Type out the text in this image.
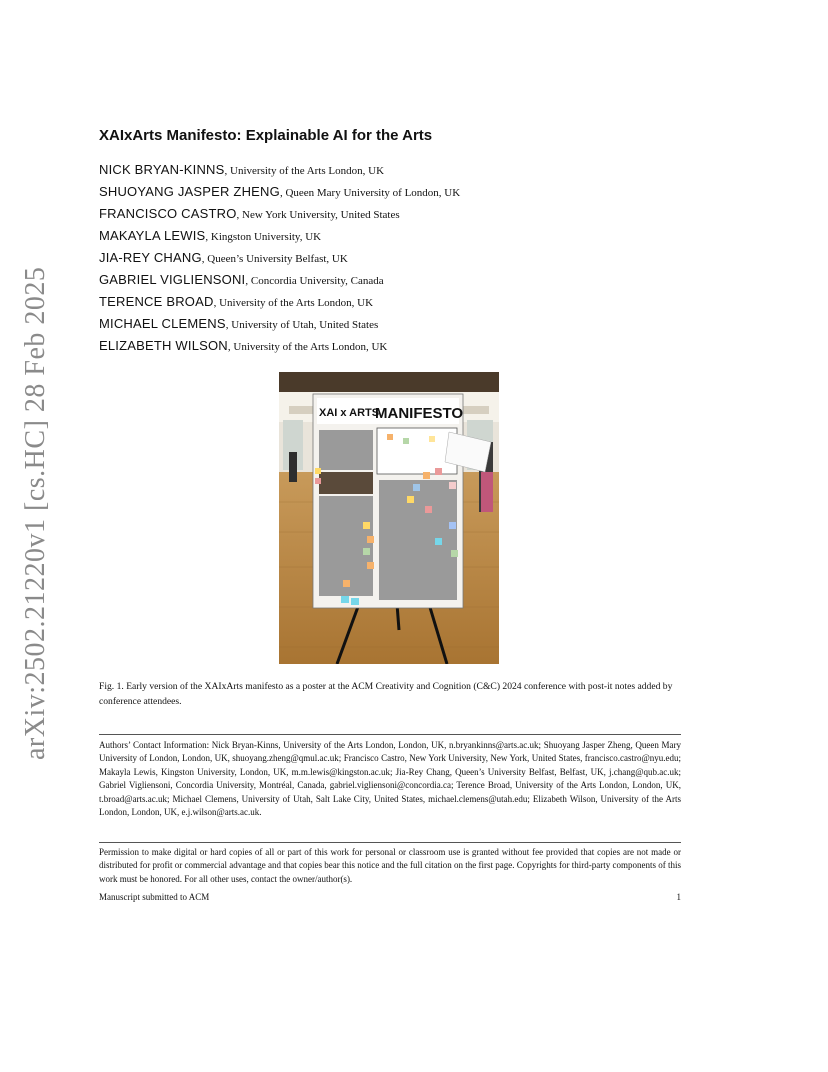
arXiv:2502.21220v1 [cs.HC] 28 Feb 2025
XAIxArts Manifesto: Explainable AI for the Arts
NICK BRYAN-KINNS, University of the Arts London, UK
SHUOYANG JASPER ZHENG, Queen Mary University of London, UK
FRANCISCO CASTRO, New York University, United States
MAKAYLA LEWIS, Kingston University, UK
JIA-REY CHANG, Queen’s University Belfast, UK
GABRIEL VIGLIENSONI, Concordia University, Canada
TERENCE BROAD, University of the Arts London, UK
MICHAEL CLEMENS, University of Utah, United States
ELIZABETH WILSON, University of the Arts London, UK
XAI x ARTS
MANIFESTO
Fig. 1. Early version of the XAIxArts manifesto as a poster at the ACM Creativity and Cognition (C&C) 2024 conference with post-it notes added by conference attendees.
Authors’ Contact Information: Nick Bryan-Kinns, University of the Arts London, London, UK, n.bryankinns@arts.ac.uk; Shuoyang Jasper Zheng, Queen Mary University of London, London, UK, shuoyang.zheng@qmul.ac.uk; Francisco Castro, New York University, New York, United States, francisco.castro@nyu.edu; Makayla Lewis, Kingston University, London, UK, m.m.lewis@kingston.ac.uk; Jia-Rey Chang, Queen’s University Belfast, Belfast, UK, j.chang@qub.ac.uk; Gabriel Vigliensoni, Concordia University, Montréal, Canada, gabriel.vigliensoni@concordia.ca; Terence Broad, University of the Arts London, London, UK, t.broad@arts.ac.uk; Michael Clemens, University of Utah, Salt Lake City, United States, michael.clemens@utah.edu; Elizabeth Wilson, University of the Arts London, London, UK, e.j.wilson@arts.ac.uk.
Permission to make digital or hard copies of all or part of this work for personal or classroom use is granted without fee provided that copies are not made or distributed for profit or commercial advantage and that copies bear this notice and the full citation on the first page. Copyrights for third-party components of this work must be honored. For all other uses, contact the owner/author(s).
Manuscript submitted to ACM	1
